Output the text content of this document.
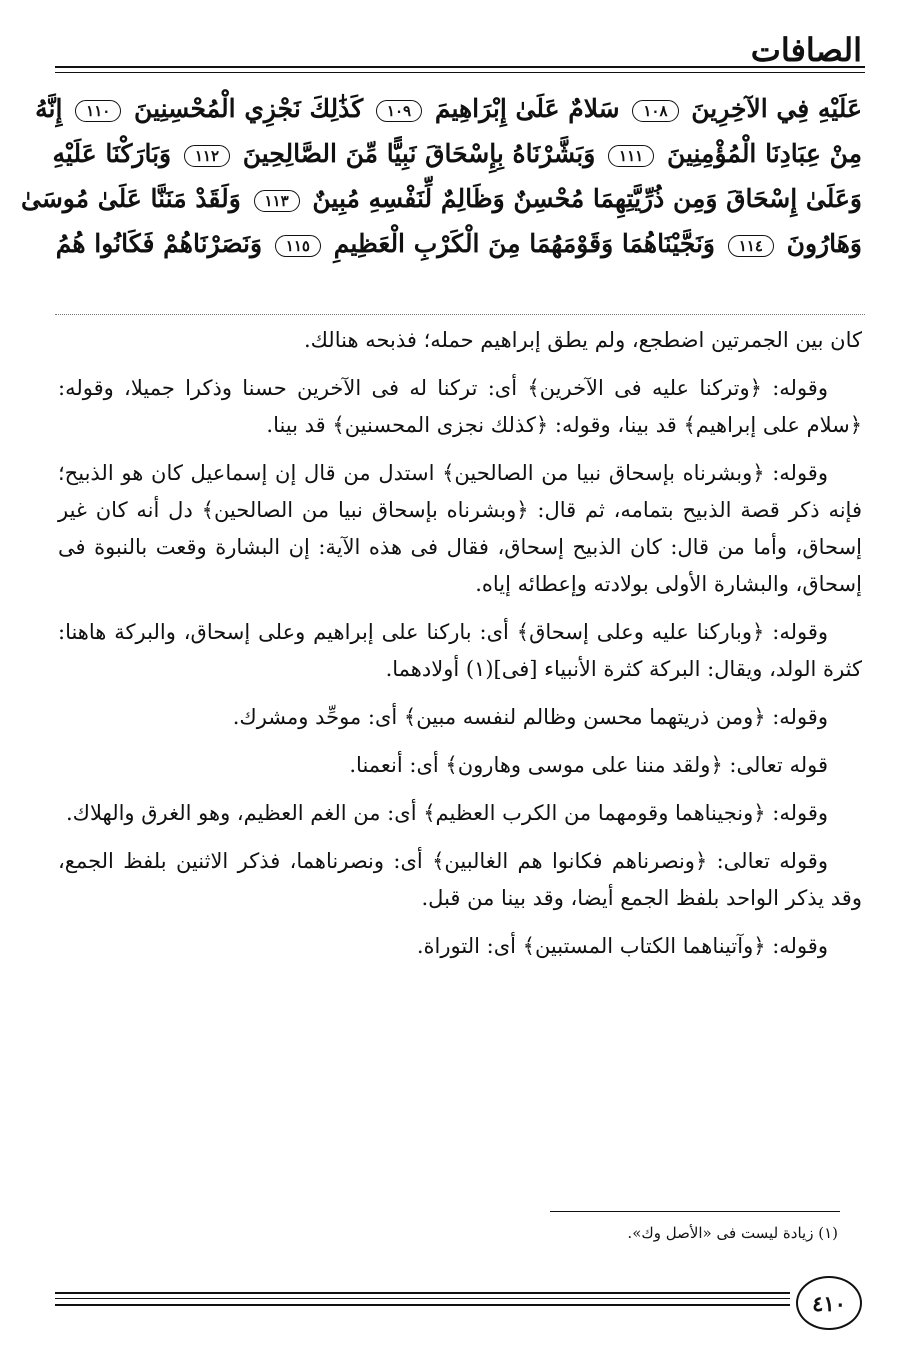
الصافات
عَلَيْهِ فِي الآخِرِينَ ١٠٨ سَلامٌ عَلَىٰ إِبْرَاهِيمَ ١٠٩ كَذَٰلِكَ نَجْزِي الْمُحْسِنِينَ ١١٠ إِنَّهُ
مِنْ عِبَادِنَا الْمُؤْمِنِينَ ١١١ وَبَشَّرْنَاهُ بِإِسْحَاقَ نَبِيًّا مِّنَ الصَّالِحِينَ ١١٢ وَبَارَكْنَا عَلَيْهِ
وَعَلَىٰ إِسْحَاقَ وَمِن ذُرِّيَّتِهِمَا مُحْسِنٌ وَظَالِمٌ لِّنَفْسِهِ مُبِينٌ ١١٣ وَلَقَدْ مَنَنَّا عَلَىٰ مُوسَىٰ
وَهَارُونَ ١١٤ وَنَجَّيْنَاهُمَا وَقَوْمَهُمَا مِنَ الْكَرْبِ الْعَظِيمِ ١١٥ وَنَصَرْنَاهُمْ فَكَانُوا هُمُ

كان بين الجمرتين اضطجع، ولم يطق إبراهيم حمله؛ فذبحه هنالك.

وقوله: ﴿وتركنا عليه فى الآخرين﴾ أى: تركنا له فى الآخرين حسنا وذكرا جميلا، وقوله: ﴿سلام على إبراهيم﴾ قد بينا، وقوله: ﴿كذلك نجزى المحسنين﴾ قد بينا.

وقوله: ﴿وبشرناه بإسحاق نبيا من الصالحين﴾ استدل من قال إن إسماعيل كان هو الذبيح؛ فإنه ذكر قصة الذبيح بتمامه، ثم قال: ﴿وبشرناه بإسحاق نبيا من الصالحين﴾ دل أنه كان غير إسحاق، وأما من قال: كان الذبيح إسحاق، فقال فى هذه الآية: إن البشارة وقعت بالنبوة فى إسحاق، والبشارة الأولى بولادته وإعطائه إياه.

وقوله: ﴿وباركنا عليه وعلى إسحاق﴾ أى: باركنا على إبراهيم وعلى إسحاق، والبركة هاهنا: كثرة الولد، ويقال: البركة كثرة الأنبياء [فى](١) أولادهما.

وقوله: ﴿ومن ذريتهما محسن وظالم لنفسه مبين﴾ أى: موحِّد ومشرك.

قوله تعالى: ﴿ولقد مننا على موسى وهارون﴾ أى: أنعمنا.

وقوله: ﴿ونجيناهما وقومهما من الكرب العظيم﴾ أى: من الغم العظيم، وهو الغرق والهلاك.

وقوله تعالى: ﴿ونصرناهم فكانوا هم الغالبين﴾ أى: ونصرناهما، فذكر الاثنين بلفظ الجمع، وقد يذكر الواحد بلفظ الجمع أيضا، وقد بينا من قبل.

وقوله: ﴿وآتيناهما الكتاب المستبين﴾ أى: التوراة.

(١) زيادة ليست فى «الأصل وك».
٤١٠
